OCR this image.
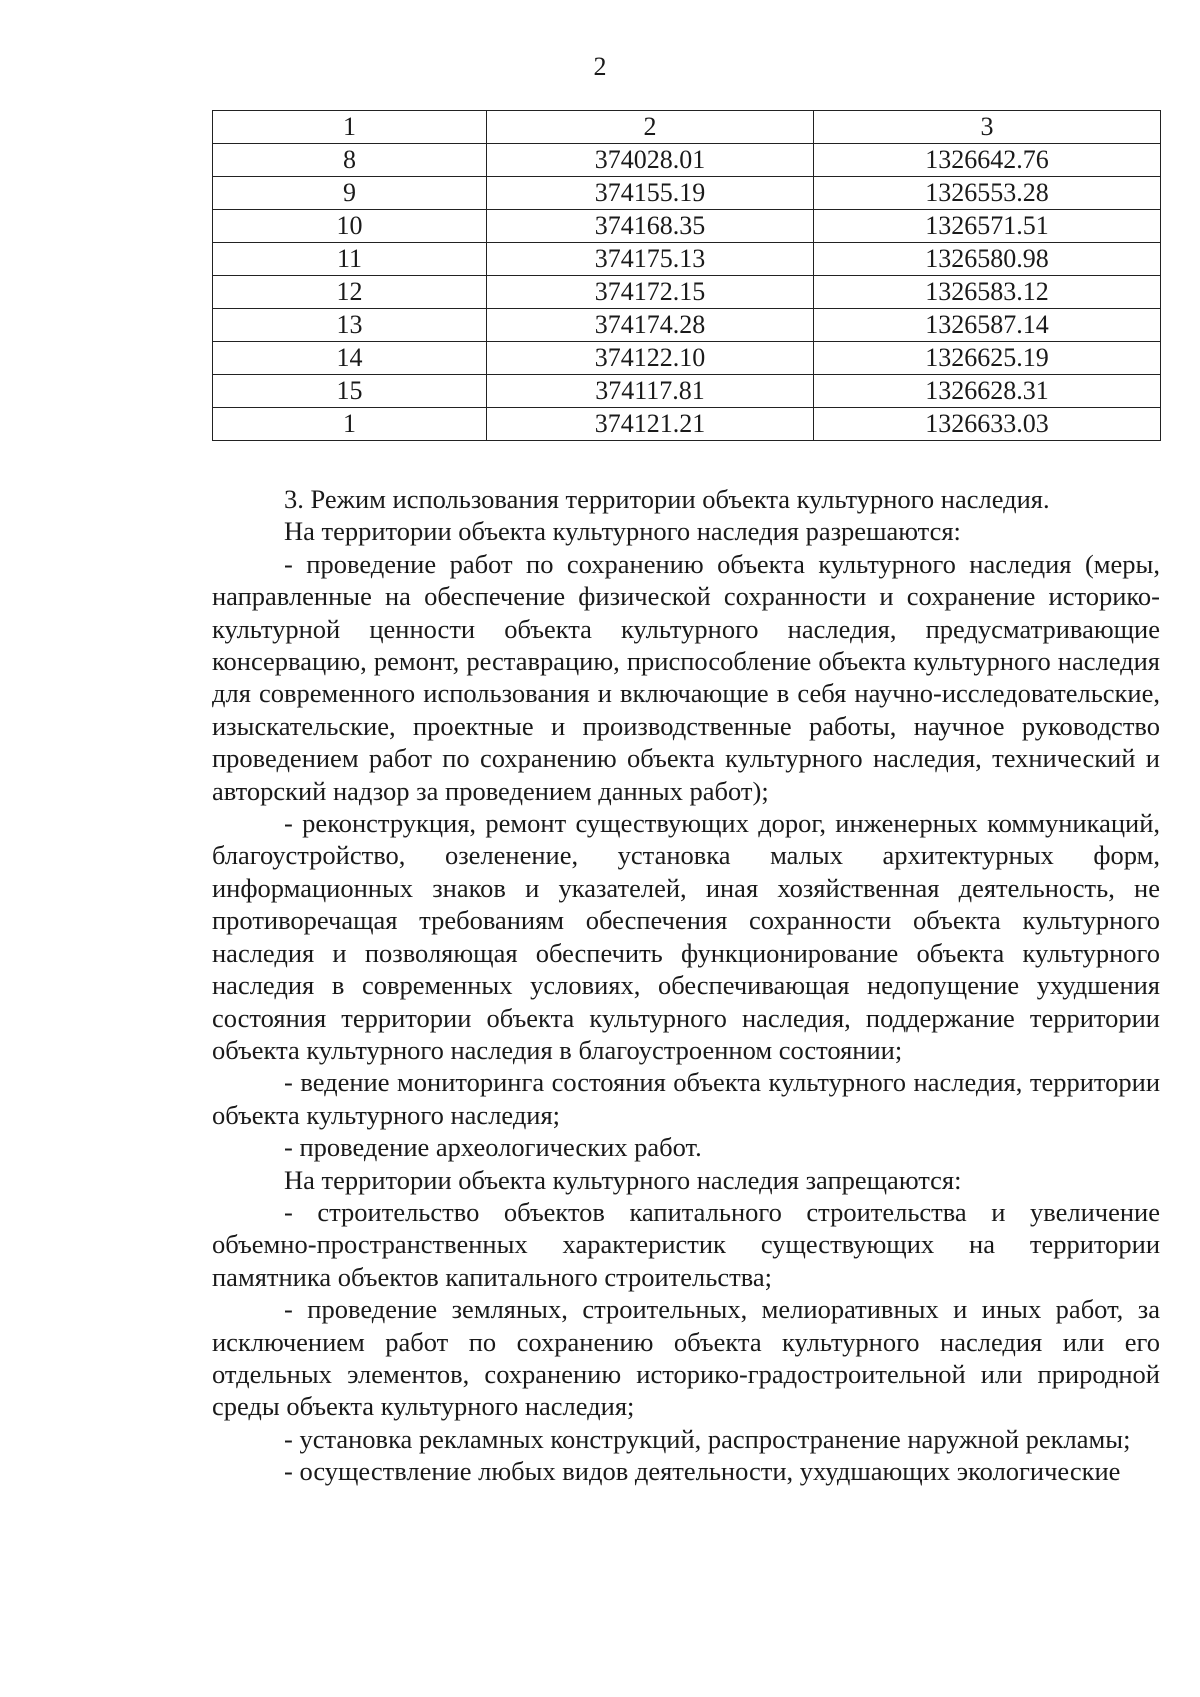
2
1	2	3
8	374028.01	1326642.76
9	374155.19	1326553.28
10	374168.35	1326571.51
11	374175.13	1326580.98
12	374172.15	1326583.12
13	374174.28	1326587.14
14	374122.10	1326625.19
15	374117.81	1326628.31
1	374121.21	1326633.03

3. Режим использования территории объекта культурного наследия.

На территории объекта культурного наследия разрешаются:

- проведение работ по сохранению объекта культурного наследия (меры, направленные на обеспечение физической сохранности и сохранение историко-культурной ценности объекта культурного наследия, предусматривающие консервацию, ремонт, реставрацию, приспособление объекта культурного наследия для современного использования и включающие в себя научно-исследовательские, изыскательские, проектные и производственные работы, научное руководство проведением работ по сохранению объекта культурного наследия, технический и авторский надзор за проведением данных работ);

- реконструкция, ремонт существующих дорог, инженерных коммуникаций, благоустройство, озеленение, установка малых архитектурных форм, информационных знаков и указателей, иная хозяйственная деятельность, не противоречащая требованиям обеспечения сохранности объекта культурного наследия и позволяющая обеспечить функционирование объекта культурного наследия в современных условиях, обеспечивающая недопущение ухудшения состояния территории объекта культурного наследия, поддержание территории объекта культурного наследия в благоустроенном состоянии;

- ведение мониторинга состояния объекта культурного наследия, территории объекта культурного наследия;

- проведение археологических работ.

На территории объекта культурного наследия запрещаются:

- строительство объектов капитального строительства и увеличение объемно-пространственных характеристик существующих на территории памятника объектов капитального строительства;

- проведение земляных, строительных, мелиоративных и иных работ, за исключением работ по сохранению объекта культурного наследия или его отдельных элементов, сохранению историко-градостроительной или природной среды объекта культурного наследия;

- установка рекламных конструкций, распространение наружной рекламы;

- осуществление любых видов деятельности, ухудшающих экологические
